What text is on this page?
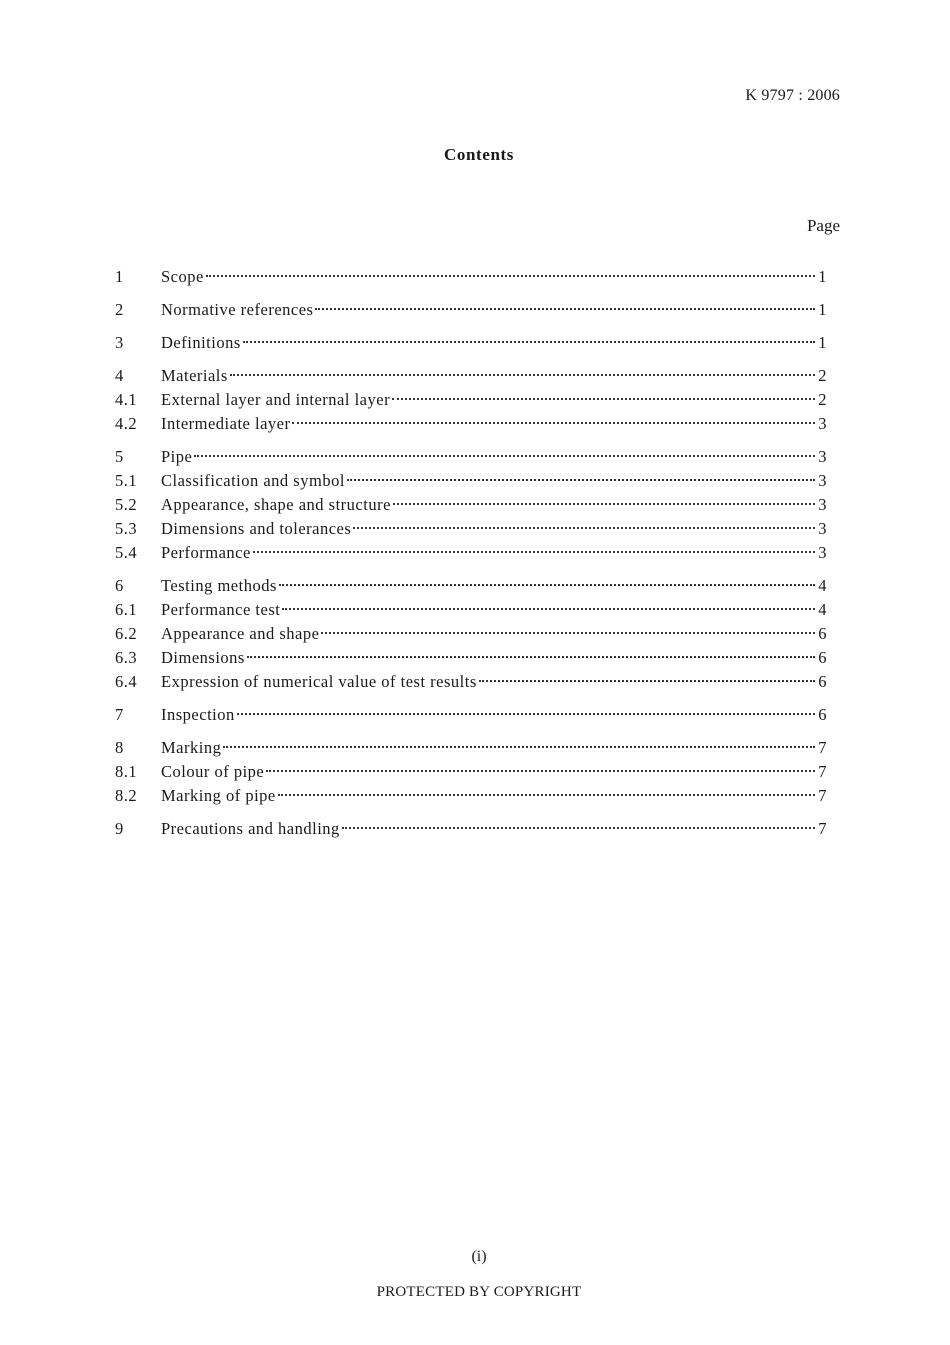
K 9797 : 2006
Contents
Page
1	Scope	1
2	Normative references	1
3	Definitions	1
4	Materials	2
4.1	External layer and internal layer	2
4.2	Intermediate layer	3
5	Pipe	3
5.1	Classification and symbol	3
5.2	Appearance, shape and structure	3
5.3	Dimensions and tolerances	3
5.4	Performance	3
6	Testing methods	4
6.1	Performance test	4
6.2	Appearance and shape	6
6.3	Dimensions	6
6.4	Expression of numerical value of test results	6
7	Inspection	6
8	Marking	7
8.1	Colour of pipe	7
8.2	Marking of pipe	7
9	Precautions and handling	7
(i)
PROTECTED BY COPYRIGHT
